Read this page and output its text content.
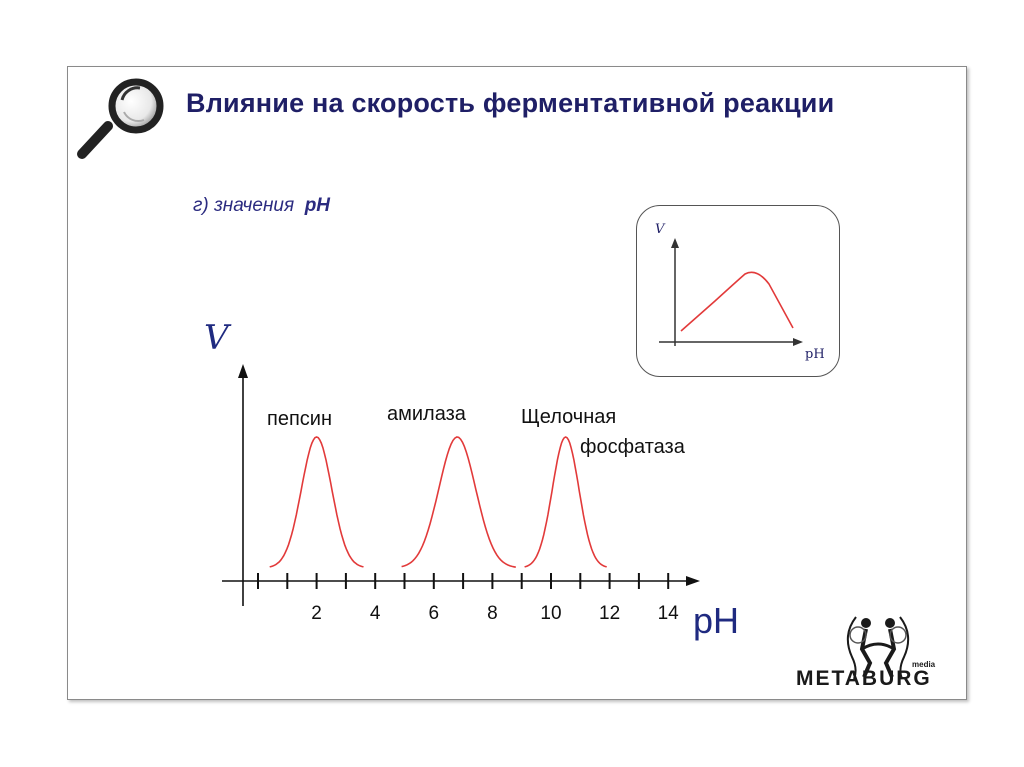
Влияние на скорость ферментативной реакции
г) значения pH
V
pH
V
pH
пепсин	амилаза	Щелочная
фосфатаза
2	4	6	8	10	12	14
media
METABURG
